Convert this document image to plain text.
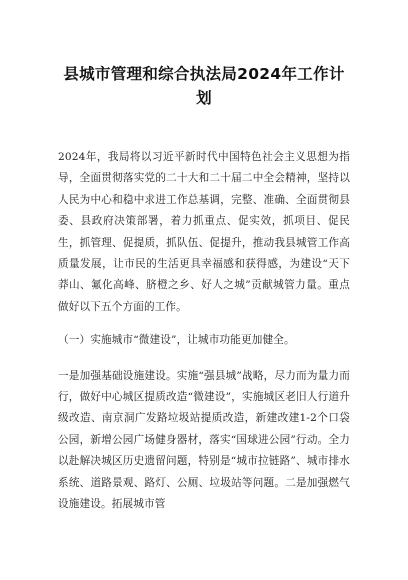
县城市管理和综合执法局2024年工作计划

2024年，我局将以习近平新时代中国特色社会主义思想为指导，全面贯彻落实党的二十大和二十届二中全会精神，坚持以人民为中心和稳中求进工作总基调，完整、准确、全面贯彻县委、县政府决策部署，着力抓重点、促实效，抓项目、促民生，抓管理、促提质，抓队伍、促提升，推动我县城管工作高质量发展，让市民的生活更具幸福感和获得感，为建设“天下莽山、氟化高峰、脐橙之乡、好人之城”贡献城管力量。重点做好以下五个方面的工作。

（一）实施城市“微建设”，让城市功能更加健全。

一是加强基础设施建设。实施“强县城”战略，尽力而为量力而行，做好中心城区提质改造“微建设”，实施城区老旧人行道升级改造、南京洞广发路垃圾站提质改造，新建改建1-2个口袋公园，新增公园广场健身器材，落实“国球进公园”行动。全力以赴解决城区历史遗留问题，特别是“城市拉链路”、城市排水系统、道路景观、路灯、公厕、垃圾站等问题。二是加强燃气设施建设。拓展城市管
